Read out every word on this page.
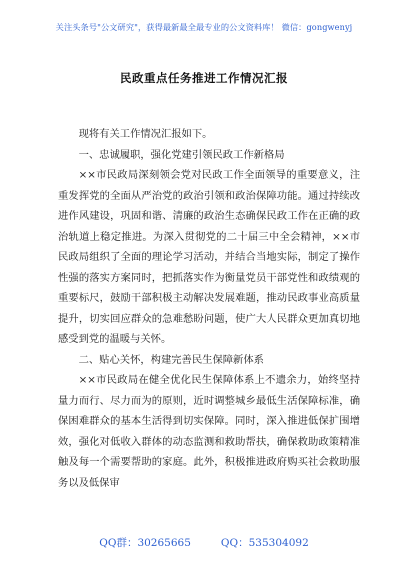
关注头条号"公文研究"，获得最新最全最专业的公文资料库！ 微信：gongwenyj
民政重点任务推进工作情况汇报

现将有关工作情况汇报如下。

一、忠诚履职，强化党建引领民政工作新格局

××市民政局深刻领会党对民政工作全面领导的重要意义，注重发挥党的全面从严治党的政治引领和政治保障功能。通过持续改进作风建设，巩固和谐、清廉的政治生态确保民政工作在正确的政治轨道上稳定推进。为深入贯彻党的二十届三中全会精神，××市民政局组织了全面的理论学习活动，并结合当地实际，制定了操作性强的落实方案同时，把抓落实作为衡量党员干部党性和政绩观的重要标尺，鼓励干部积极主动解决发展难题，推动民政事业高质量提升，切实回应群众的急难愁盼问题，使广大人民群众更加真切地感受到党的温暖与关怀。

二、贴心关怀，构建完善民生保障新体系

××市民政局在健全优化民生保障体系上不遗余力，始终坚持量力而行、尽力而为的原则，近时调整城乡最低生活保障标准，确保困难群众的基本生活得到切实保障。同时，深入推进低保扩围增效，强化对低收入群体的动态监测和救助帮扶，确保救助政策精准触及每一个需要帮助的家庭。此外，积极推进政府购买社会救助服务以及低保审

QQ群：30265665	QQ：535304092
